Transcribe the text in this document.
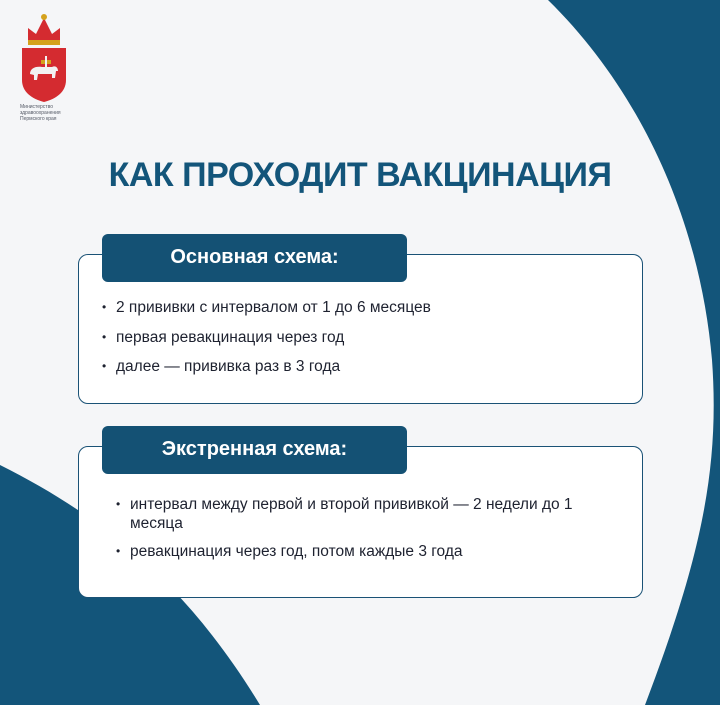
Министерство
здравоохранения
Пермского края
КАК ПРОХОДИТ ВАКЦИНАЦИЯ
Основная схема:
• 2 прививки с интервалом от 1 до 6 месяцев
• первая ревакцинация через год
• далее — прививка раз в 3 года
Экстренная схема:
• интервал между первой и второй прививкой — 2 недели до 1 месяца
• ревакцинация через год, потом каждые 3 года
